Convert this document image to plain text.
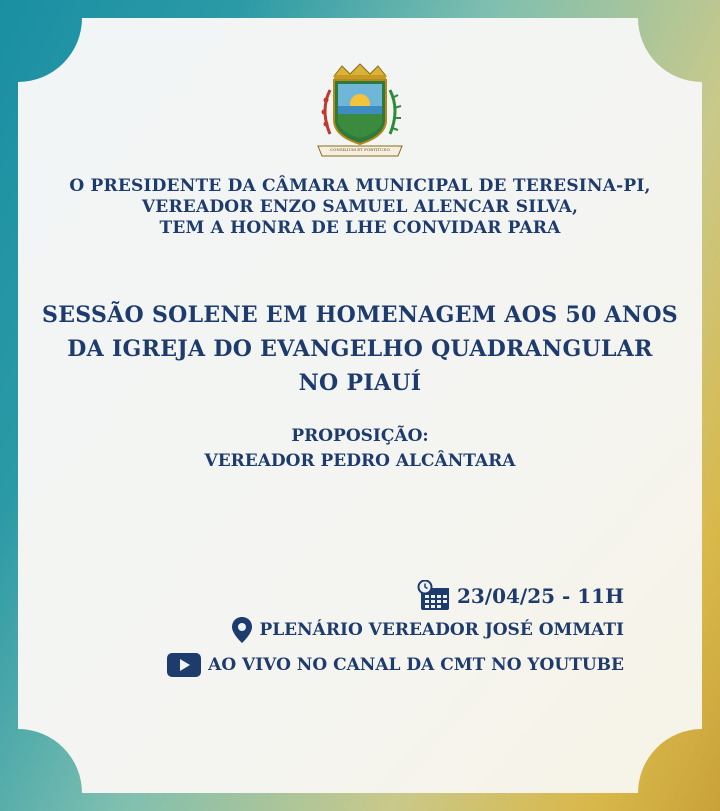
CONSILIUM ET FORTITUDO
O PRESIDENTE DA CÂMARA MUNICIPAL DE TERESINA-PI,
VEREADOR ENZO SAMUEL ALENCAR SILVA,
TEM A HONRA DE LHE CONVIDAR PARA
SESSÃO SOLENE EM HOMENAGEM AOS 50 ANOS
DA IGREJA DO EVANGELHO QUADRANGULAR
NO PIAUÍ
PROPOSIÇÃO:
VEREADOR PEDRO ALCÂNTARA
23/04/25 - 11H
PLENÁRIO VEREADOR JOSÉ OMMATI
AO VIVO NO CANAL DA CMT NO YOUTUBE
